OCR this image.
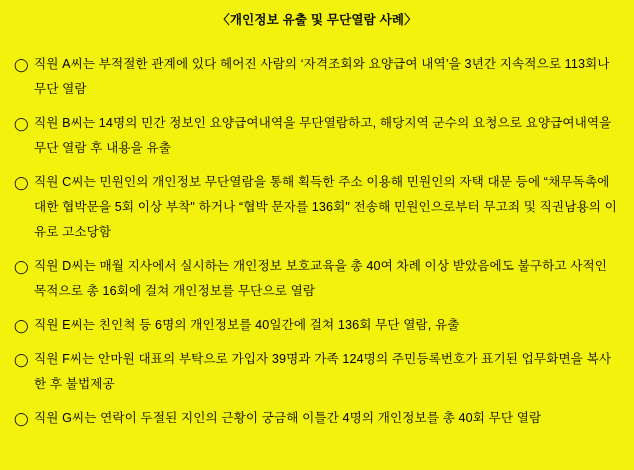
〈개인정보 유출 및 무단열람 사례〉
◯ 직원 A씨는 부적절한 관계에 있다 헤어진 사람의 ‘자격조회와 요양급여 내역’을 3년간 지속적으로 113회나 무단 열람
◯ 직원 B씨는 14명의 민간 정보인 요양급여내역을 무단열람하고, 해당지역 군수의 요청으로 요양급여내역을 무단 열람 후 내용을 유출
◯ 직원 C씨는 민원인의 개인정보 무단열람을 통해 획득한 주소 이용해 민원인의 자택 대문 등에 “채무독촉에 대한 협박문을 5회 이상 부착" 하거나 “협박 문자를 136회" 전송해 민원인으로부터 무고죄 및 직권남용의 이유로 고소당함
◯ 직원 D씨는 매월 지사에서 실시하는 개인정보 보호교육을 총 40여 차례 이상 받았음에도 불구하고 사적인 목적으로 총 16회에 걸쳐 개인정보를 무단으로 열람
◯ 직원 E씨는 친인척 등 6명의 개인정보를 40일간에 걸쳐 136회 무단 열람, 유출
◯ 직원 F씨는 안마원 대표의 부탁으로 가입자 39명과 가족 124명의 주민등록번호가 표기된 업무화면을 복사한 후 불법제공
◯ 직원 G씨는 연락이 두절된 지인의 근황이 궁금해 이틀간 4명의 개인정보를 총 40회 무단 열람
